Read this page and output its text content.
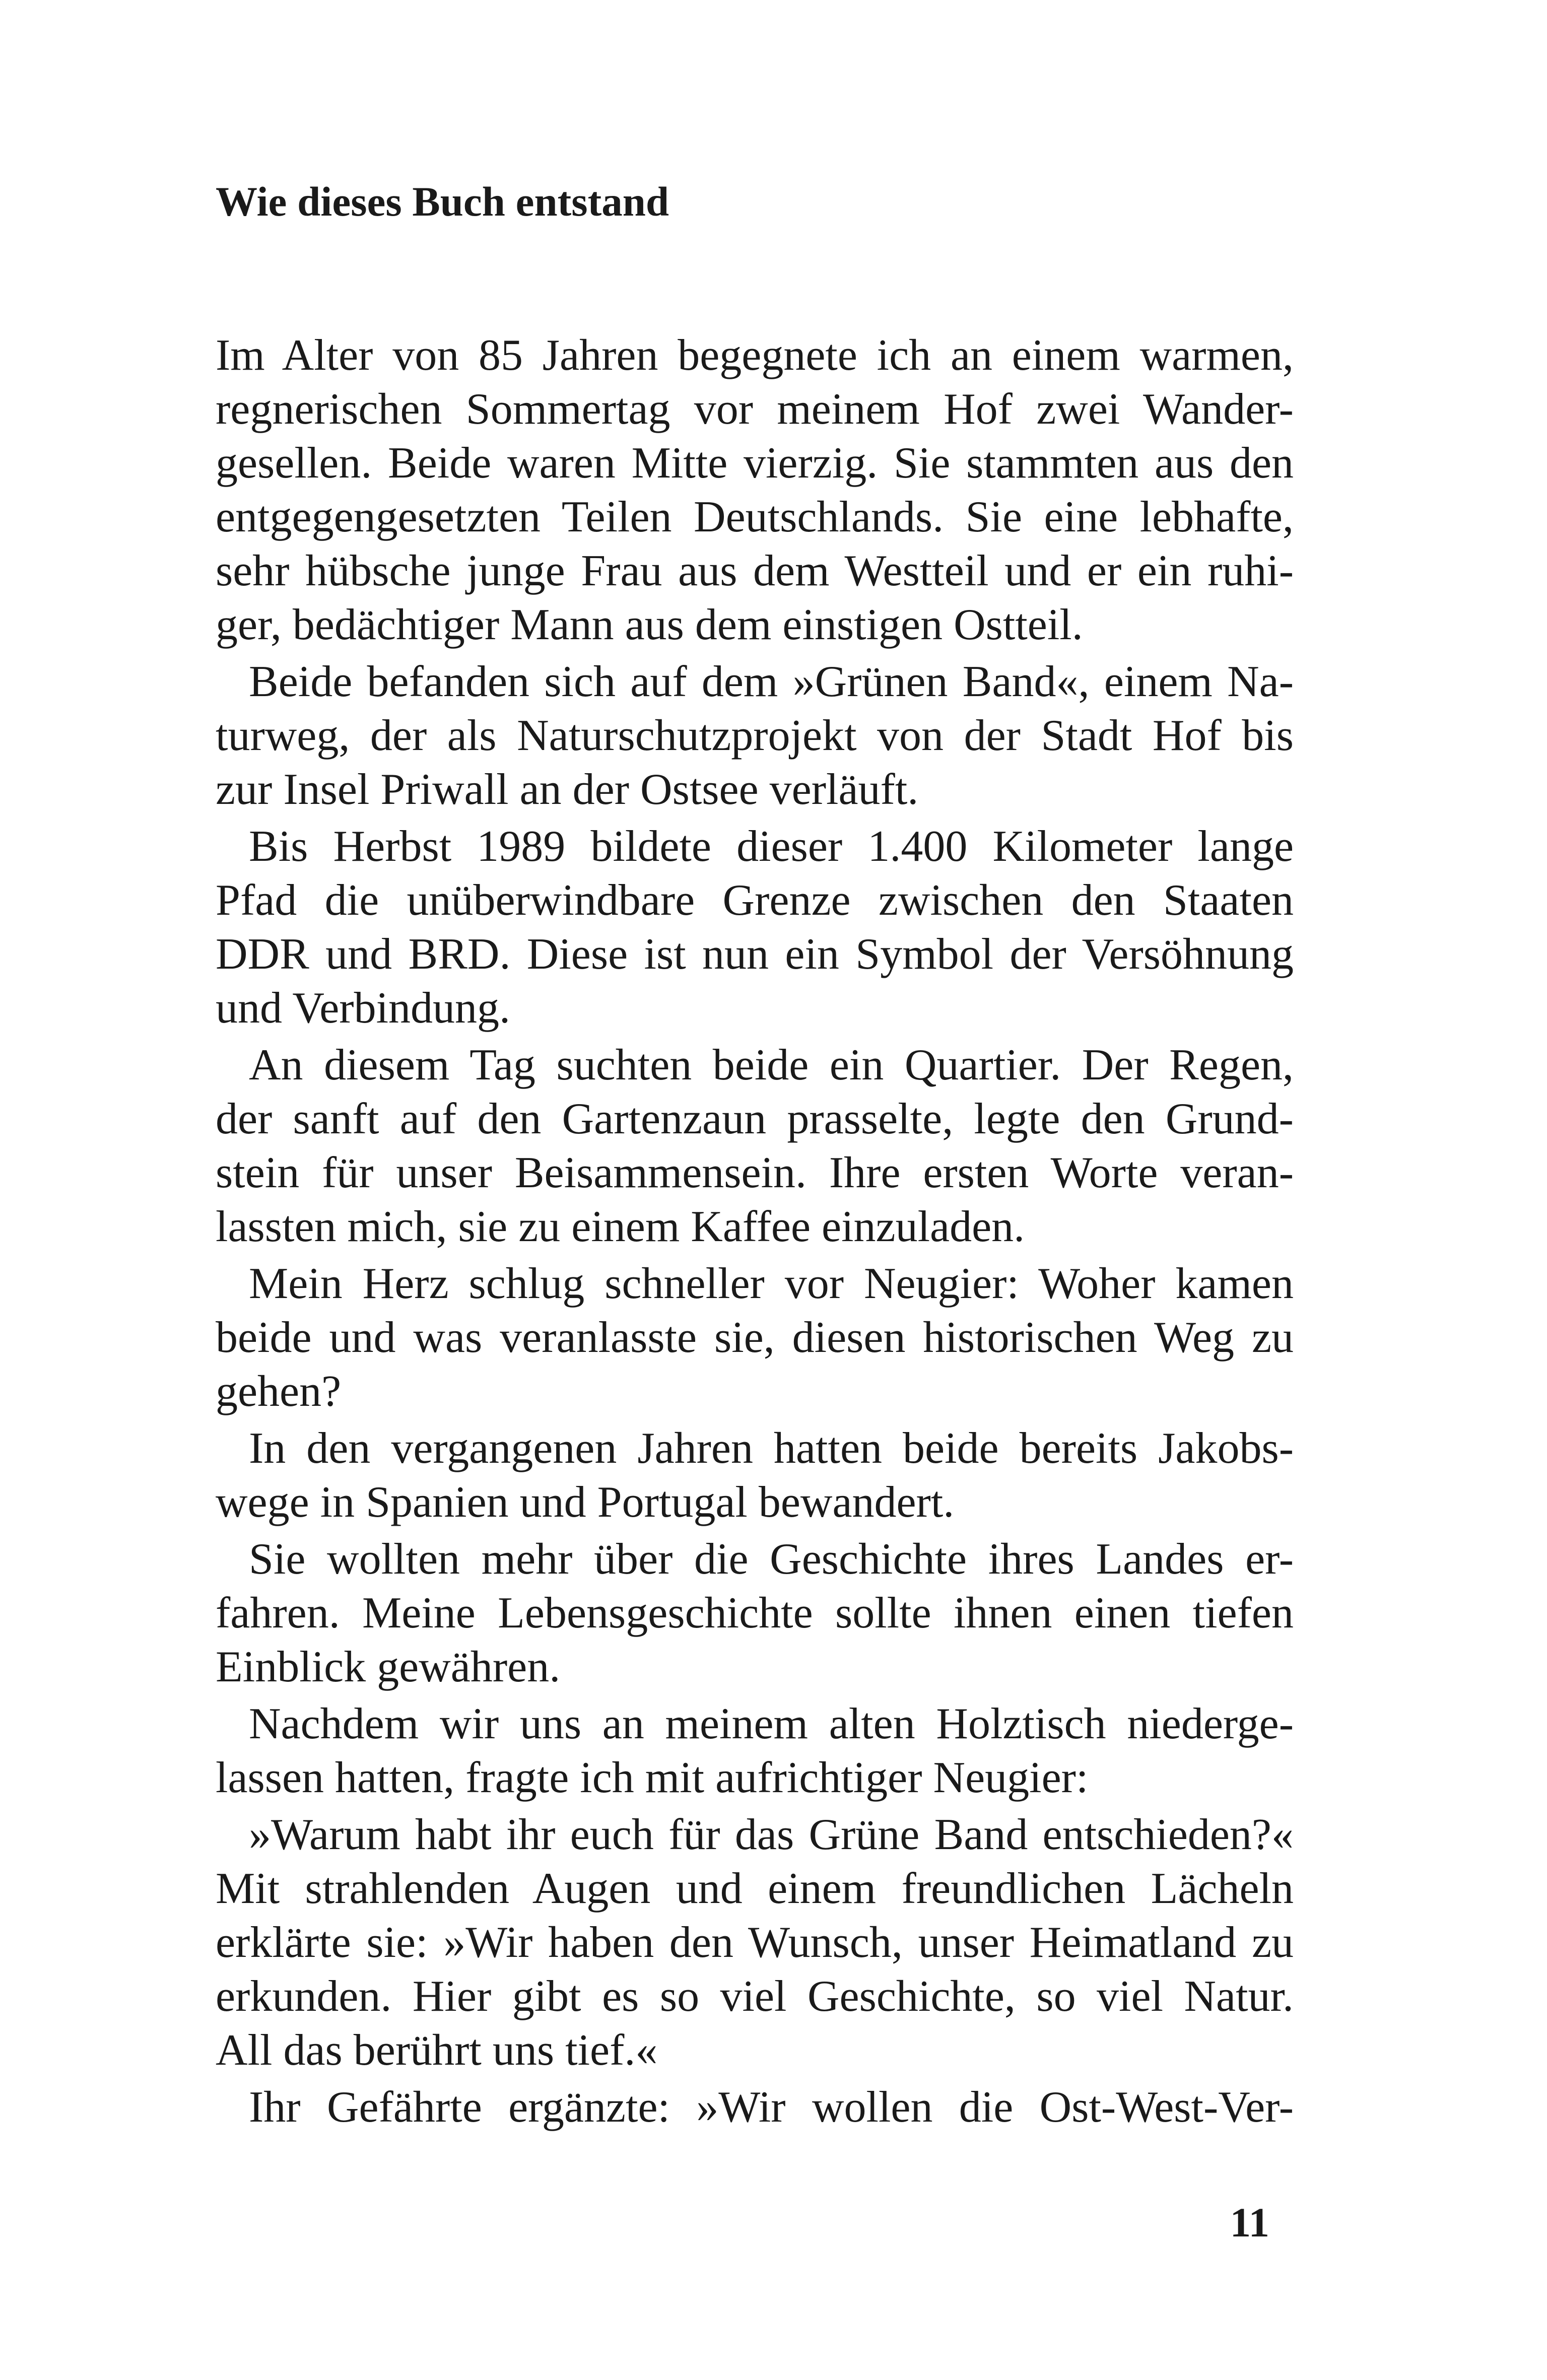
Wie dieses Buch entstand
Im Alter von 85 Jahren begegnete ich an einem warmen,
regnerischen Sommertag vor meinem Hof zwei Wander-
gesellen. Beide waren Mitte vierzig. Sie stammten aus den
entgegengesetzten Teilen Deutschlands. Sie eine lebhafte,
sehr hübsche junge Frau aus dem Westteil und er ein ruhi-
ger, bedächtiger Mann aus dem einstigen Ostteil.
Beide befanden sich auf dem »Grünen Band«, einem Na-
turweg, der als Naturschutzprojekt von der Stadt Hof bis
zur Insel Priwall an der Ostsee verläuft.
Bis Herbst 1989 bildete dieser 1.400 Kilometer lange
Pfad die unüberwindbare Grenze zwischen den Staaten
DDR und BRD. Diese ist nun ein Symbol der Versöhnung
und Verbindung.
An diesem Tag suchten beide ein Quartier. Der Regen,
der sanft auf den Gartenzaun prasselte, legte den Grund-
stein für unser Beisammensein. Ihre ersten Worte veran-
lassten mich, sie zu einem Kaffee einzuladen.
Mein Herz schlug schneller vor Neugier: Woher kamen
beide und was veranlasste sie, diesen historischen Weg zu
gehen?
In den vergangenen Jahren hatten beide bereits Jakobs-
wege in Spanien und Portugal bewandert.
Sie wollten mehr über die Geschichte ihres Landes er-
fahren. Meine Lebensgeschichte sollte ihnen einen tiefen
Einblick gewähren.
Nachdem wir uns an meinem alten Holztisch niederge-
lassen hatten, fragte ich mit aufrichtiger Neugier:
»Warum habt ihr euch für das Grüne Band entschieden?«
Mit strahlenden Augen und einem freundlichen Lächeln
erklärte sie: »Wir haben den Wunsch, unser Heimatland zu
erkunden. Hier gibt es so viel Geschichte, so viel Natur.
All das berührt uns tief.«
Ihr Gefährte ergänzte: »Wir wollen die Ost-West-Ver-
11
